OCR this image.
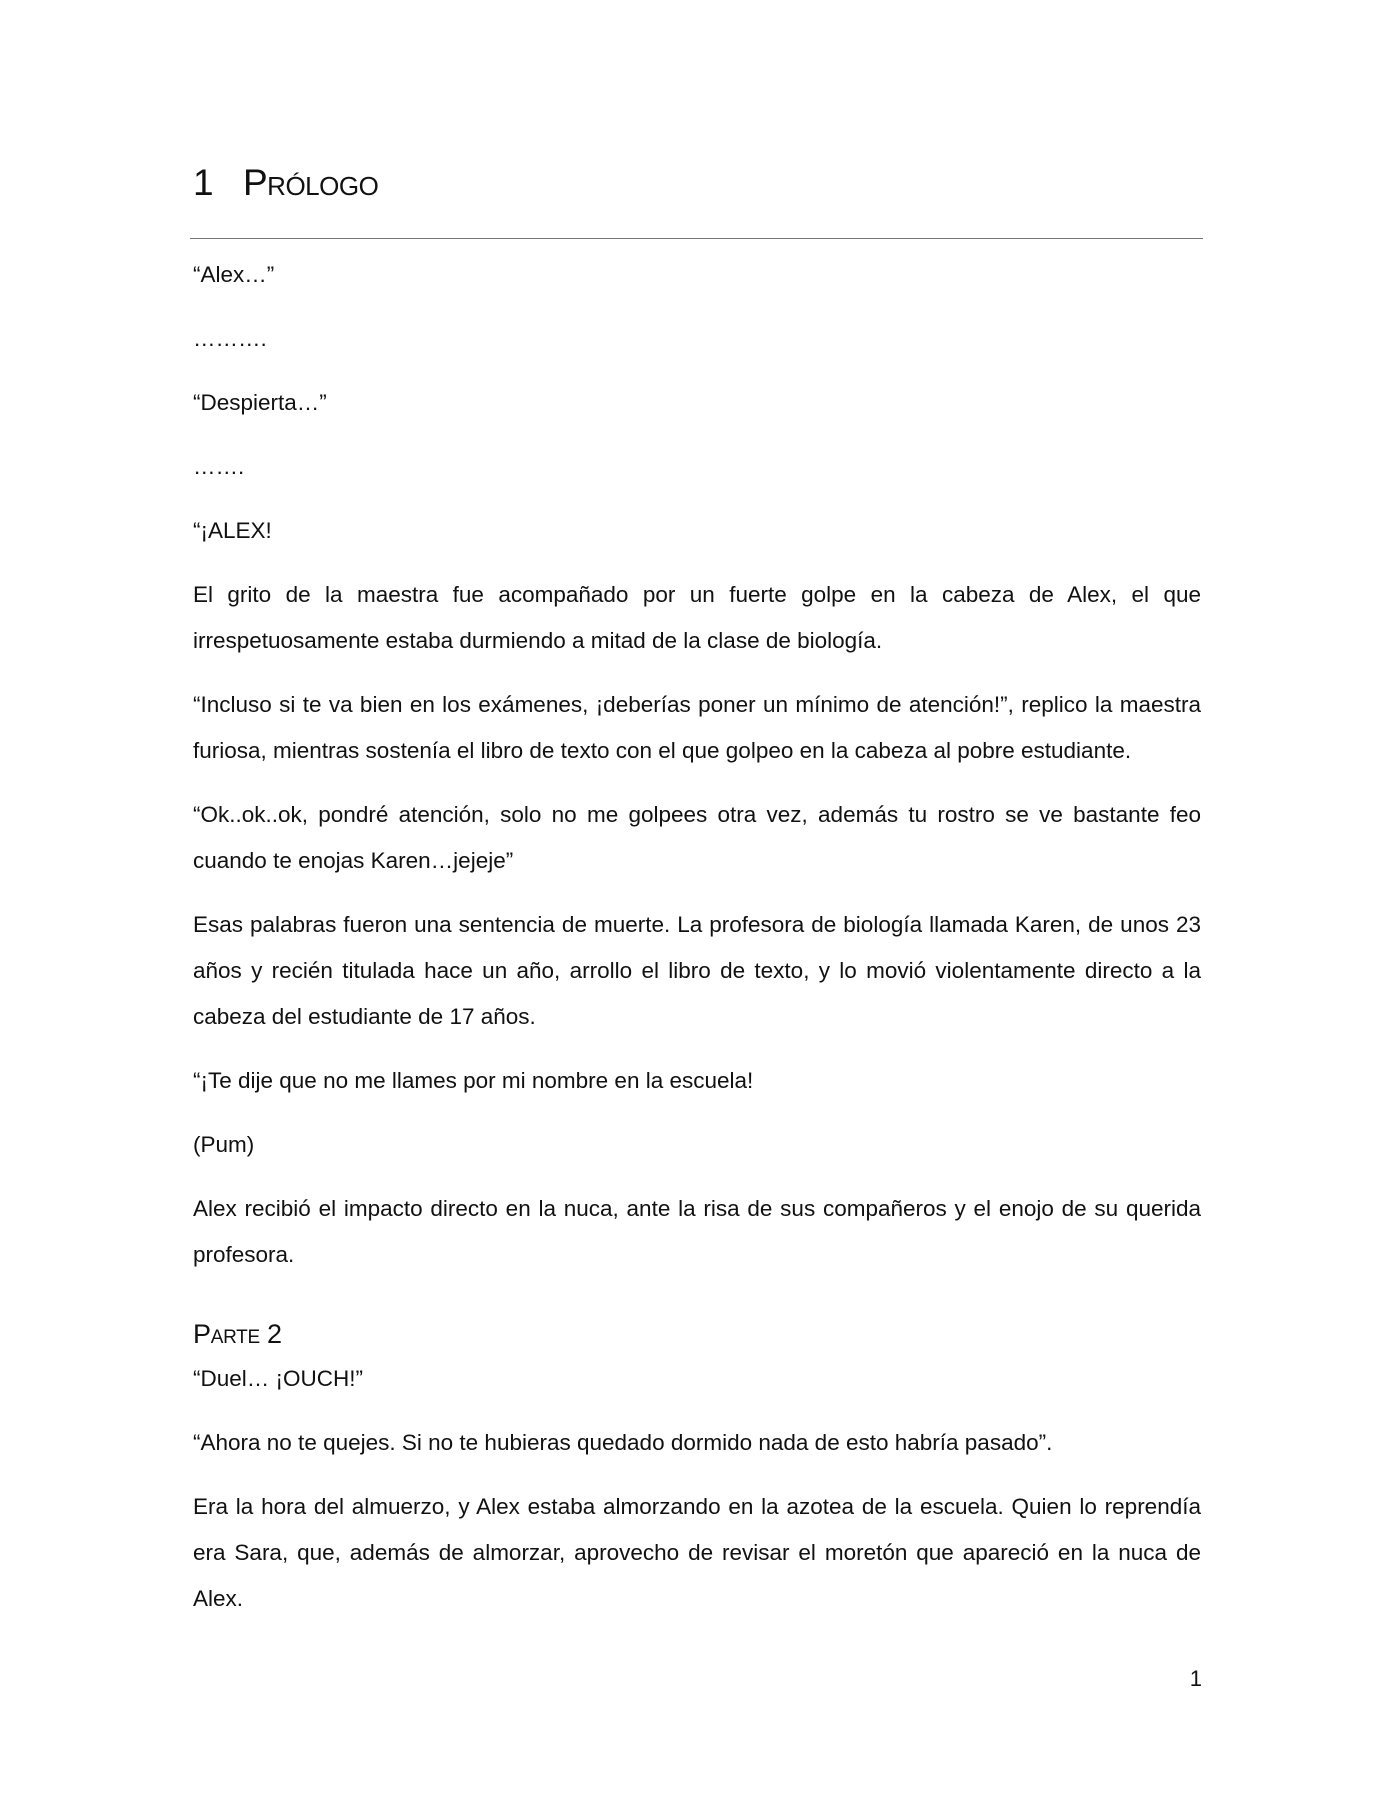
1 Prólogo

“Alex…”

……….

“Despierta…”

…….

“¡ALEX!

El grito de la maestra fue acompañado por un fuerte golpe en la cabeza de Alex, el que irrespetuosamente estaba durmiendo a mitad de la clase de biología.

“Incluso si te va bien en los exámenes, ¡deberías poner un mínimo de atención!”, replico la maestra furiosa, mientras sostenía el libro de texto con el que golpeo en la cabeza al pobre estudiante.

“Ok..ok..ok, pondré atención, solo no me golpees otra vez, además tu rostro se ve bastante feo cuando te enojas Karen…jejeje”

Esas palabras fueron una sentencia de muerte. La profesora de biología llamada Karen, de unos 23 años y recién titulada hace un año, arrollo el libro de texto, y lo movió violentamente directo a la cabeza del estudiante de 17 años.

“¡Te dije que no me llames por mi nombre en la escuela!

(Pum)

Alex recibió el impacto directo en la nuca, ante la risa de sus compañeros y el enojo de su querida profesora.

Parte 2

“Duel… ¡OUCH!”

“Ahora no te quejes. Si no te hubieras quedado dormido nada de esto habría pasado”.

Era la hora del almuerzo, y Alex estaba almorzando en la azotea de la escuela. Quien lo reprendía era Sara, que, además de almorzar, aprovecho de revisar el moretón que apareció en la nuca de Alex.

1
